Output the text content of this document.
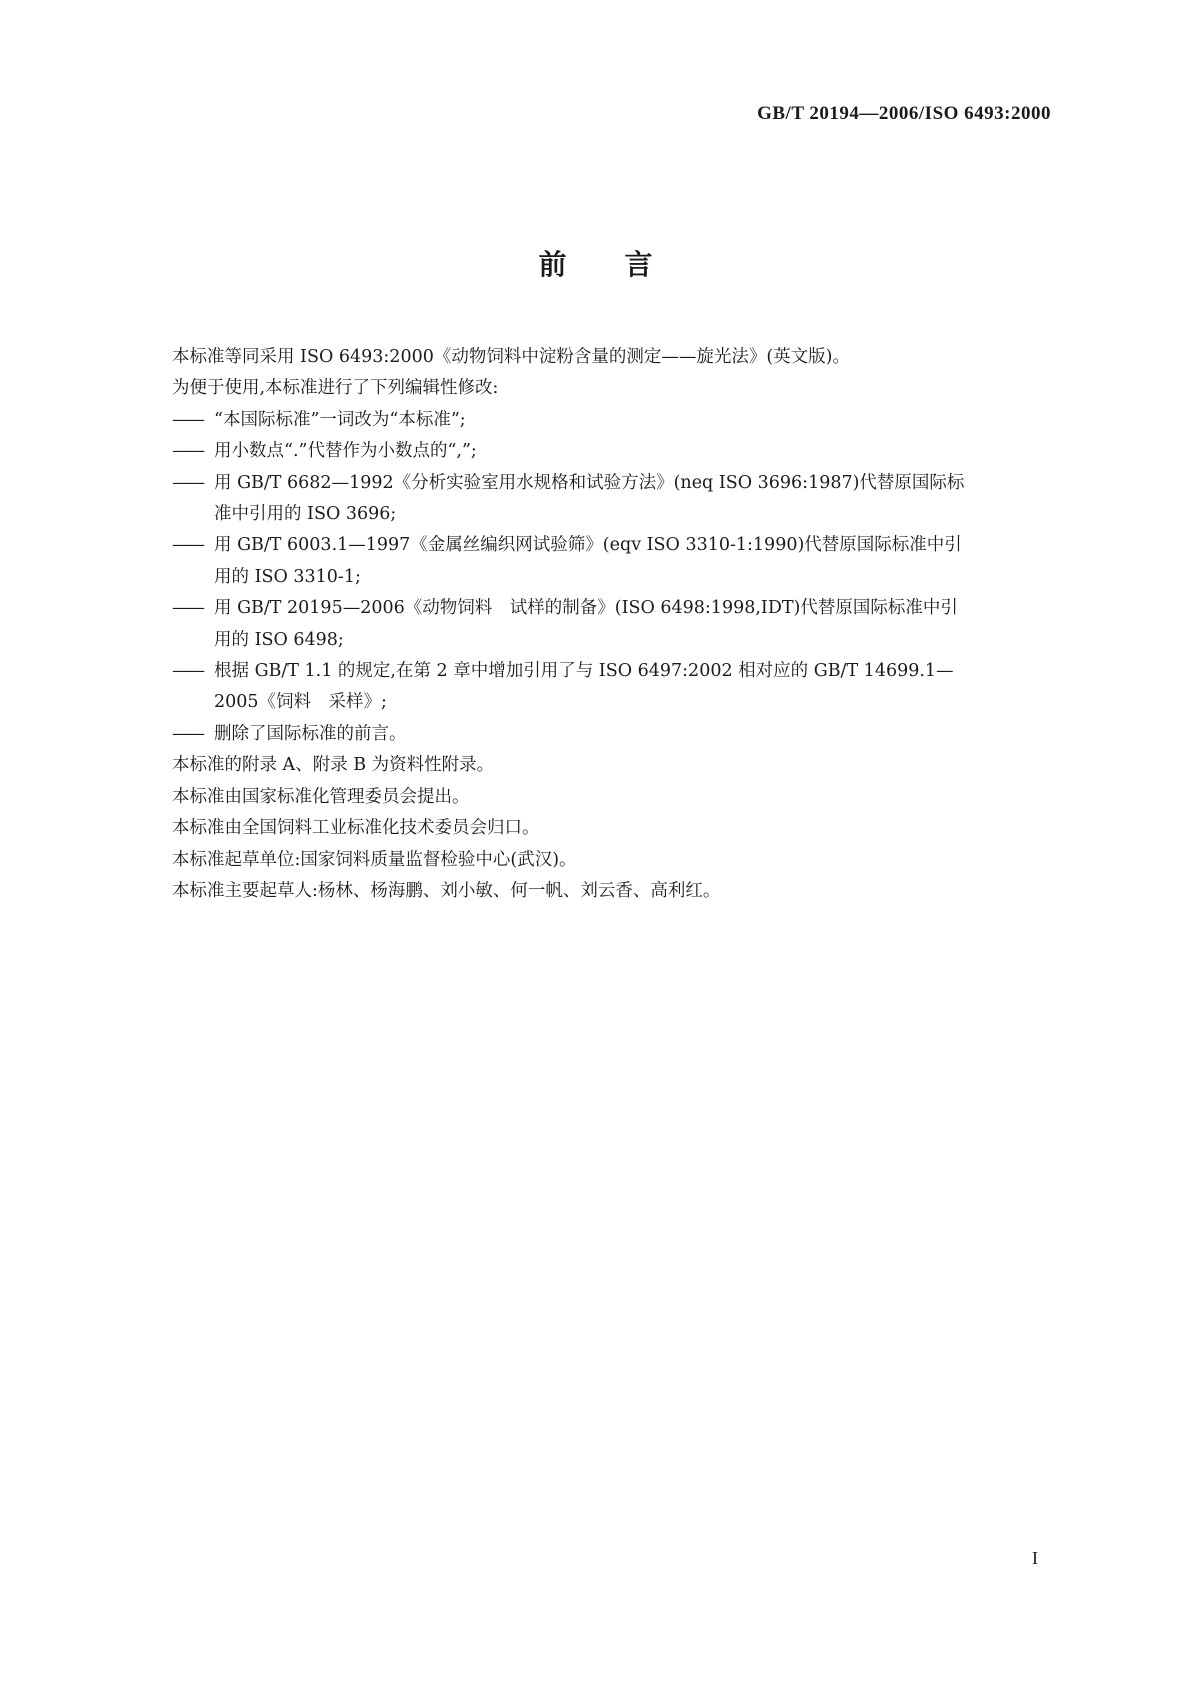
GB/T 20194—2006/ISO 6493:2000
前言
本标准等同采用 ISO 6493:2000《动物饲料中淀粉含量的测定——旋光法》(英文版)。
为便于使用,本标准进行了下列编辑性修改:
—— “本国际标准”一词改为“本标准”;
—— 用小数点“.”代替作为小数点的“,”;
—— 用 GB/T 6682—1992《分析实验室用水规格和试验方法》(neq ISO 3696:1987)代替原国际标
准中引用的 ISO 3696;
—— 用 GB/T 6003.1—1997《金属丝编织网试验筛》(eqv ISO 3310-1:1990)代替原国际标准中引
用的 ISO 3310-1;
—— 用 GB/T 20195—2006《动物饲料　试样的制备》(ISO 6498:1998,IDT)代替原国际标准中引
用的 ISO 6498;
—— 根据 GB/T 1.1 的规定,在第 2 章中增加引用了与 ISO 6497:2002 相对应的 GB/T 14699.1—
2005《饲料　采样》;
—— 删除了国际标准的前言。
本标准的附录 A、附录 B 为资料性附录。
本标准由国家标准化管理委员会提出。
本标准由全国饲料工业标准化技术委员会归口。
本标准起草单位:国家饲料质量监督检验中心(武汉)。
本标准主要起草人:杨林、杨海鹏、刘小敏、何一帆、刘云香、高利红。
I
